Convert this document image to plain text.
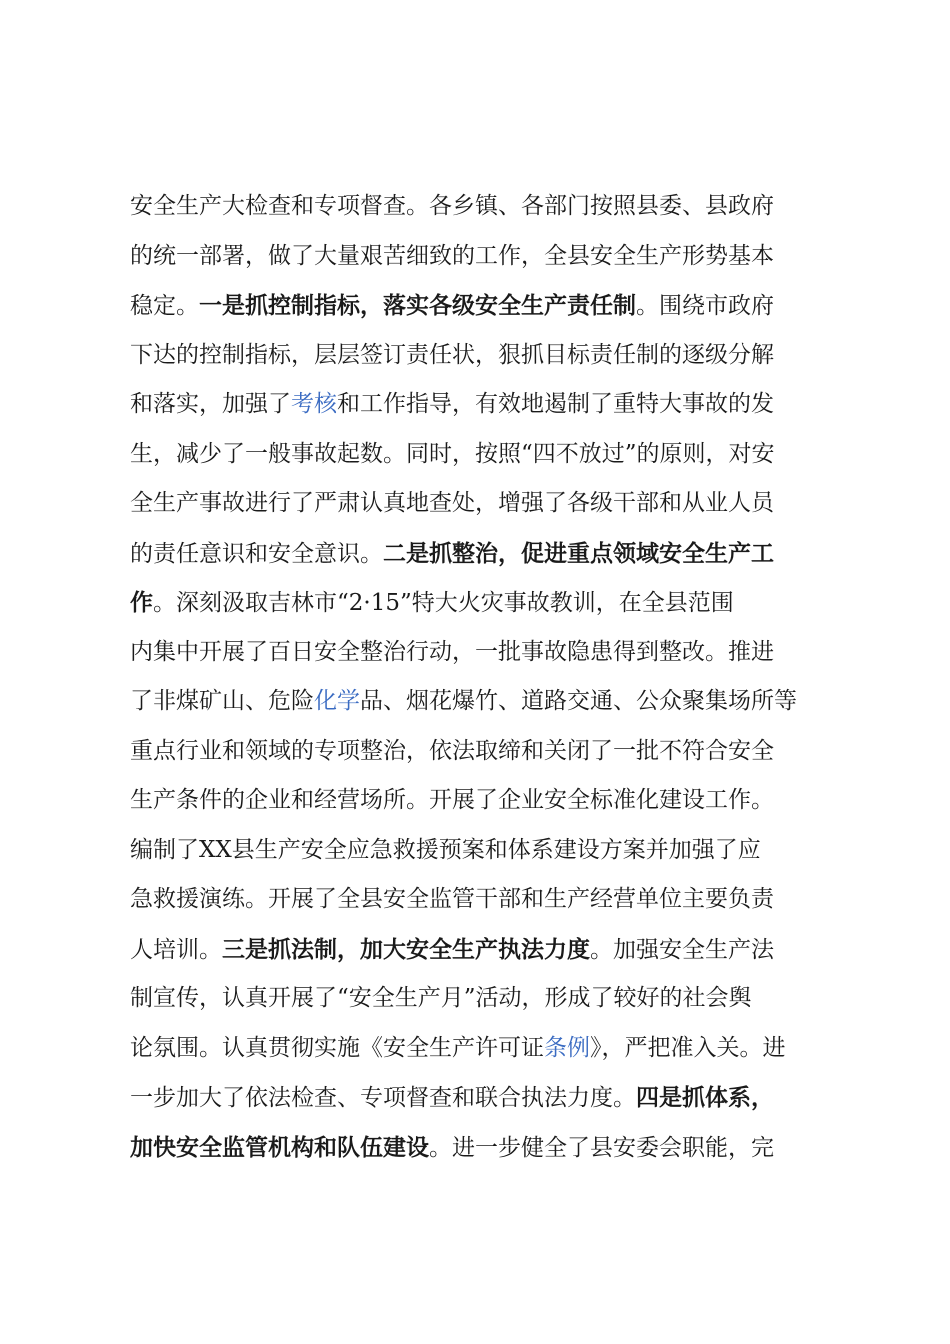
安全生产大检查和专项督查。各乡镇、各部门按照县委、县政府
的统一部署，做了大量艰苦细致的工作，全县安全生产形势基本
稳定。一是抓控制指标，落实各级安全生产责任制。围绕市政府
下达的控制指标，层层签订责任状，狠抓目标责任制的逐级分解
和落实，加强了考核和工作指导，有效地遏制了重特大事故的发
生，减少了一般事故起数。同时，按照“四不放过”的原则，对安
全生产事故进行了严肃认真地查处，增强了各级干部和从业人员
的责任意识和安全意识。二是抓整治，促进重点领域安全生产工
作。深刻汲取吉林市“2·15”特大火灾事故教训，在全县范围
内集中开展了百日安全整治行动，一批事故隐患得到整改。推进
了非煤矿山、危险化学品、烟花爆竹、道路交通、公众聚集场所等
重点行业和领域的专项整治，依法取缔和关闭了一批不符合安全
生产条件的企业和经营场所。开展了企业安全标准化建设工作。
编制了XX县生产安全应急救援预案和体系建设方案并加强了应
急救援演练。开展了全县安全监管干部和生产经营单位主要负责
人培训。三是抓法制，加大安全生产执法力度。加强安全生产法
制宣传，认真开展了“安全生产月”活动，形成了较好的社会舆
论氛围。认真贯彻实施《安全生产许可证条例》，严把准入关。进
一步加大了依法检查、专项督查和联合执法力度。四是抓体系，
加快安全监管机构和队伍建设。进一步健全了县安委会职能，完
